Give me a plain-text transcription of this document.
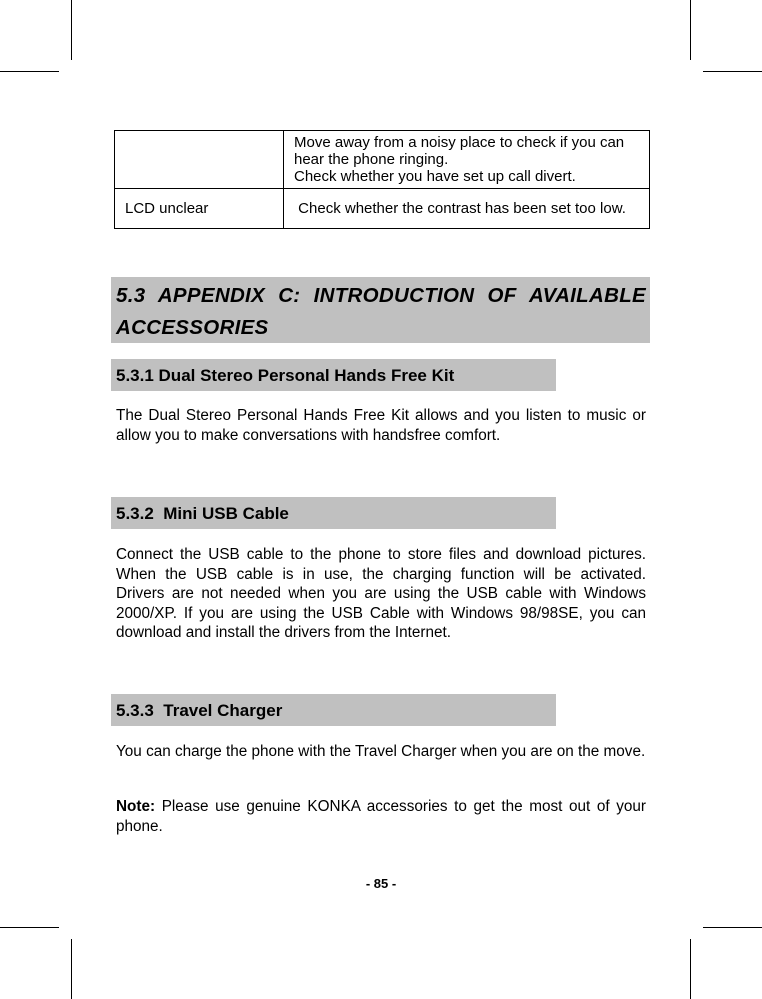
	Move away from a noisy place to check if you can hear the phone ringing.
Check whether you have set up call divert.

LCD unclear	Check whether the contrast has been set too low.
5.3 APPENDIX C: INTRODUCTION OF AVAILABLE ACCESSORIES
5.3.1 Dual Stereo Personal Hands Free Kit

The Dual Stereo Personal Hands Free Kit allows and you listen to music or allow you to make conversations with handsfree comfort.

5.3.2  Mini USB Cable

Connect the USB cable to the phone to store files and download pictures. When the USB cable is in use, the charging function will be activated.   Drivers are not needed when you are using the USB cable with Windows 2000/XP. If you are using the USB Cable with Windows 98/98SE, you can download and install the drivers from the Internet.

5.3.3  Travel Charger

You can charge the phone with the Travel Charger when you are on the move.

Note: Please use genuine KONKA accessories to get the most out of your phone.

- 85 -
